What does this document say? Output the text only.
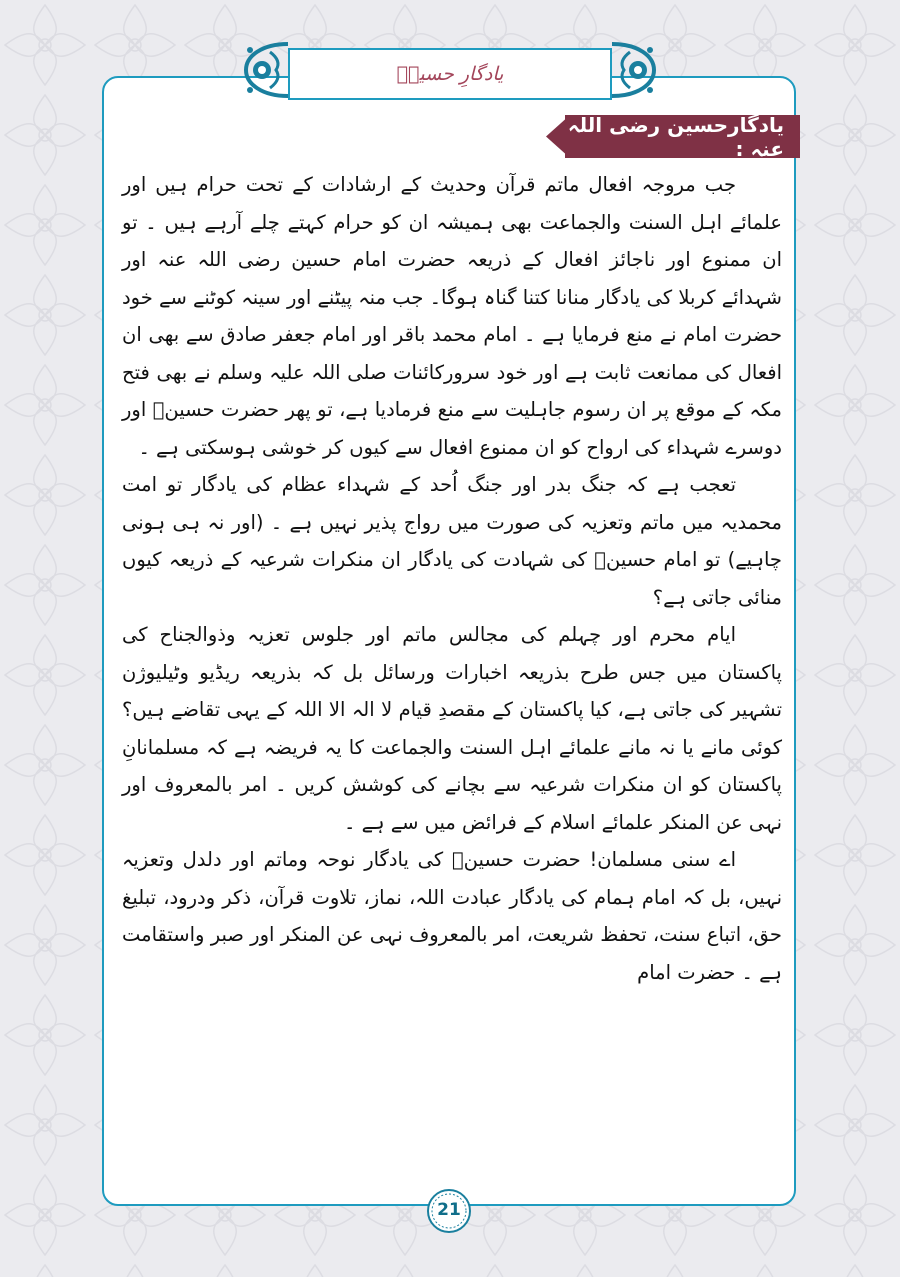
یادگارِ حسینؓ
یادگارحسین رضی اللہ عنہ :

جب مروجہ افعال ماتم قرآن وحدیث کے ارشادات کے تحت حرام ہیں اور علمائے اہل السنت والجماعت بھی ہمیشہ ان کو حرام کہتے چلے آرہے ہیں ۔ تو ان ممنوع اور ناجائز افعال کے ذریعہ حضرت امام حسین رضی اللہ عنہ اور شہدائے کربلا کی یادگار منانا کتنا گناہ ہوگا۔ جب منہ پیٹنے اور سینہ کوٹنے سے خود حضرت امام نے منع فرمایا ہے ۔ امام محمد باقر اور امام جعفر صادق سے بھی ان افعال کی ممانعت ثابت ہے اور خود سرورکائنات صلی اللہ علیہ وسلم نے بھی فتح مکہ کے موقع پر ان رسوم جاہلیت سے منع فرمادیا ہے، تو پھر حضرت حسینؓ اور دوسرے شہداء کی ارواح کو ان ممنوع افعال سے کیوں کر خوشی ہوسکتی ہے ۔

تعجب ہے کہ جنگ بدر اور جنگ اُحد کے شہداء عظام کی یادگار تو امت محمدیہ میں ماتم وتعزیہ کی صورت میں رواج پذیر نہیں ہے ۔ (اور نہ ہی ہونی چاہیے) تو امام حسینؓ کی شہادت کی یادگار ان منکرات شرعیہ کے ذریعہ کیوں منائی جاتی ہے؟

ایام محرم اور چہلم کی مجالس ماتم اور جلوس تعزیہ وذوالجناح کی پاکستان میں جس طرح بذریعہ اخبارات ورسائل بل کہ بذریعہ ریڈیو وٹیلیوژن تشہیر کی جاتی ہے، کیا پاکستان کے مقصدِ قیام لا الہ الا اللہ کے یہی تقاضے ہیں؟ کوئی مانے یا نہ مانے علمائے اہل السنت والجماعت کا یہ فریضہ ہے کہ مسلمانانِ پاکستان کو ان منکرات شرعیہ سے بچانے کی کوشش کریں ۔ امر بالمعروف اور نہی عن المنکر علمائے اسلام کے فرائض میں سے ہے ۔

اے سنی مسلمان! حضرت حسینؓ کی یادگار نوحہ وماتم اور دلدل وتعزیہ نہیں، بل کہ امام ہمام کی یادگار عبادت اللہ، نماز، تلاوت قرآن، ذکر ودرود، تبلیغ حق، اتباع سنت، تحفظ شریعت، امر بالمعروف نہی عن المنکر اور صبر واستقامت ہے ۔ حضرت امام

21
